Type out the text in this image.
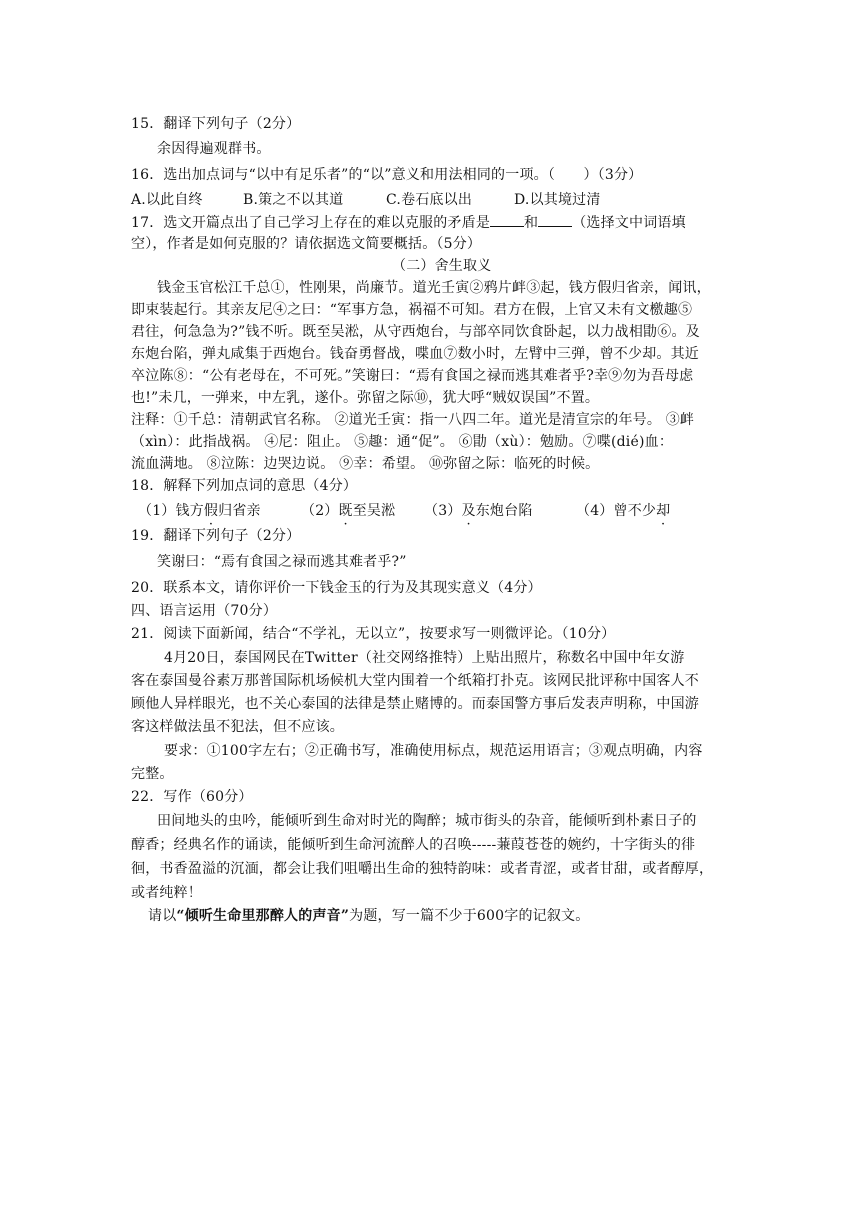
15．翻译下列句子（2分）
余因得遍观群书。
16．选出加点词与“以中有足乐者”的“以”意义和用法相同的一项。（　　）（3分）
A.以此自终	B.策之不以其道	C.卷石底以出	D.以其境过清
17．选文开篇点出了自己学习上存在的难以克服的矛盾是 和 （选择文中词语填
空），作者是如何克服的？请依据选文简要概括。（5分）
（二）舍生取义
钱金玉官松江千总①，性刚果，尚廉节。道光壬寅②鸦片衅③起，钱方假归省亲，闻讯，
即束装起行。其亲友尼④之曰：“军事方急，祸福不可知。君方在假，上官又未有文檄趣⑤
君往，何急急为?”钱不听。既至吴淞，从守西炮台，与部卒同饮食卧起，以力战相勖⑥。及
东炮台陷，弹丸咸集于西炮台。钱奋勇督战，喋血⑦数小时，左臂中三弹，曾不少却。其近
卒泣陈⑧：“公有老母在，不可死。”笑谢曰：“焉有食国之禄而逃其难者乎?幸⑨勿为吾母虑
也!”未几，一弹来，中左乳，遂仆。弥留之际⑩，犹大呼“贼奴误国”不置。
注释：①千总：清朝武官名称。 ②道光壬寅：指一八四二年。道光是清宣宗的年号。 ③衅
（xìn）：此指战祸。 ④尼：阻止。 ⑤趣：通“促”。 ⑥勖（xù）：勉励。⑦喋(dié)血：
流血满地。 ⑧泣陈：边哭边说。 ⑨幸：希望。 ⑩弥留之际：临死的时候。
18．解释下列加点词的意思（4分）
（1）钱方假归省亲	（2）既至吴淞 （3）及东炮台陷	（4）曾不少却
19．翻译下列句子（2分）
笑谢曰：“焉有食国之禄而逃其难者乎?”
20．联系本文，请你评价一下钱金玉的行为及其现实意义（4分）
四、语言运用（70分）
21．阅读下面新闻，结合“不学礼，无以立”，按要求写一则微评论。（10分）
4月20日，泰国网民在Twitter（社交网络推特）上贴出照片，称数名中国中年女游
客在泰国曼谷素万那普国际机场候机大堂内围着一个纸箱打扑克。该网民批评称中国客人不
顾他人异样眼光，也不关心泰国的法律是禁止赌博的。而泰国警方事后发表声明称，中国游
客这样做法虽不犯法，但不应该。
要求：①100字左右；②正确书写，准确使用标点，规范运用语言；③观点明确，内容
完整。
22．写作（60分）
田间地头的虫吟，能倾听到生命对时光的陶醉；城市街头的杂音，能倾听到朴素日子的
醇香；经典名作的诵读，能倾听到生命河流醉人的召唤-----蒹葭苍苍的婉约，十字街头的徘
徊，书香盈溢的沉湎，都会让我们咀嚼出生命的独特韵味：或者青涩，或者甘甜，或者醇厚，
或者纯粹！
请以“倾听生命里那醉人的声音”为题，写一篇不少于600字的记叙文。
